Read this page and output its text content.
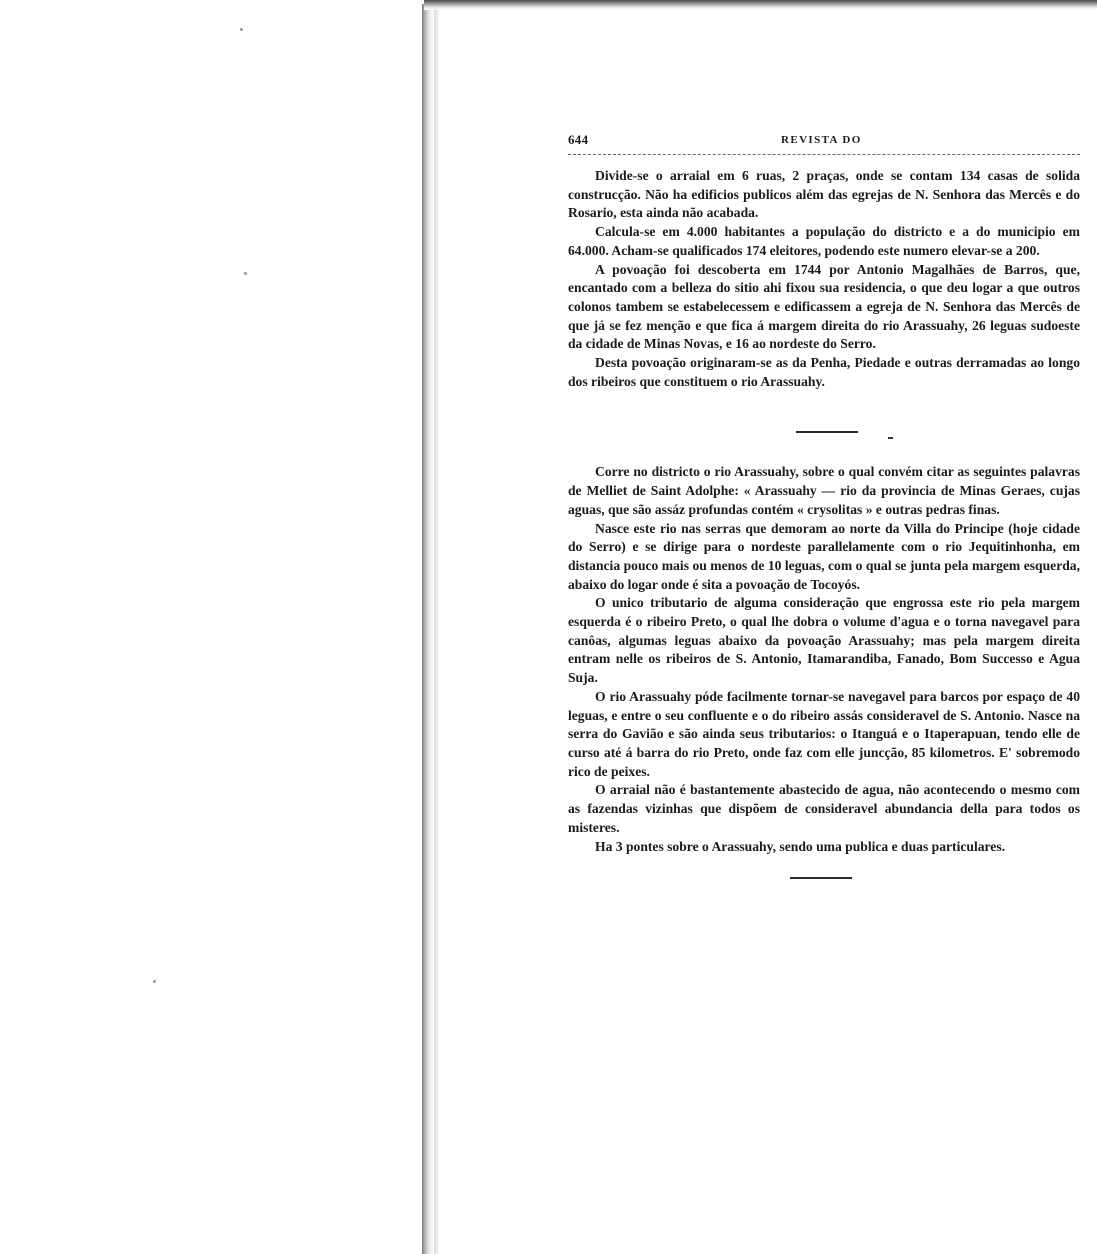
644	REVISTA DO

Divide-se o arraial em 6 ruas, 2 praças, onde se contam 134 casas de solida construcção. Não ha edificios publicos além das egrejas de N. Senhora das Mercês e do Rosario, esta ainda não acabada.

Calcula-se em 4.000 habitantes a população do districto e a do municipio em 64.000. Acham-se qualificados 174 eleitores, podendo este numero elevar-se a 200.

A povoação foi descoberta em 1744 por Antonio Magalhães de Barros, que, encantado com a belleza do sitio ahi fixou sua residencia, o que deu logar a que outros colonos tambem se estabelecessem e edificassem a egreja de N. Senhora das Mercês de que já se fez menção e que fica á margem direita do rio Arassuahy, 26 leguas sudoeste da cidade de Minas Novas, e 16 ao nordeste do Serro.

Desta povoação originaram-se as da Penha, Piedade e outras derramadas ao longo dos ribeiros que constituem o rio Arassuahy.

Corre no districto o rio Arassuahy, sobre o qual convém citar as seguintes palavras de Melliet de Saint Adolphe: « Arassuahy — rio da provincia de Minas Geraes, cujas aguas, que são assáz profundas contém « crysolitas » e outras pedras finas.

Nasce este rio nas serras que demoram ao norte da Villa do Principe (hoje cidade do Serro) e se dirige para o nordeste parallelamente com o rio Jequitinhonha, em distancia pouco mais ou menos de 10 leguas, com o qual se junta pela margem esquerda, abaixo do logar onde é sita a povoação de Tocoyós.

O unico tributario de alguma consideração que engrossa este rio pela margem esquerda é o ribeiro Preto, o qual lhe dobra o volume d'agua e o torna navegavel para canôas, algumas leguas abaixo da povoação Arassuahy; mas pela margem direita entram nelle os ribeiros de S. Antonio, Itamarandiba, Fanado, Bom Successo e Agua Suja.

O rio Arassuahy póde facilmente tornar-se navegavel para barcos por espaço de 40 leguas, e entre o seu confluente e o do ribeiro assás consideravel de S. Antonio. Nasce na serra do Gavião e são ainda seus tributarios: o Itanguá e o Itaperapuan, tendo elle de curso até á barra do rio Preto, onde faz com elle juncção, 85 kilometros. E' sobremodo rico de peixes.

O arraial não é bastantemente abastecido de agua, não acontecendo o mesmo com as fazendas vizinhas que dispõem de consideravel abundancia della para todos os misteres.

Ha 3 pontes sobre o Arassuahy, sendo uma publica e duas particulares.
